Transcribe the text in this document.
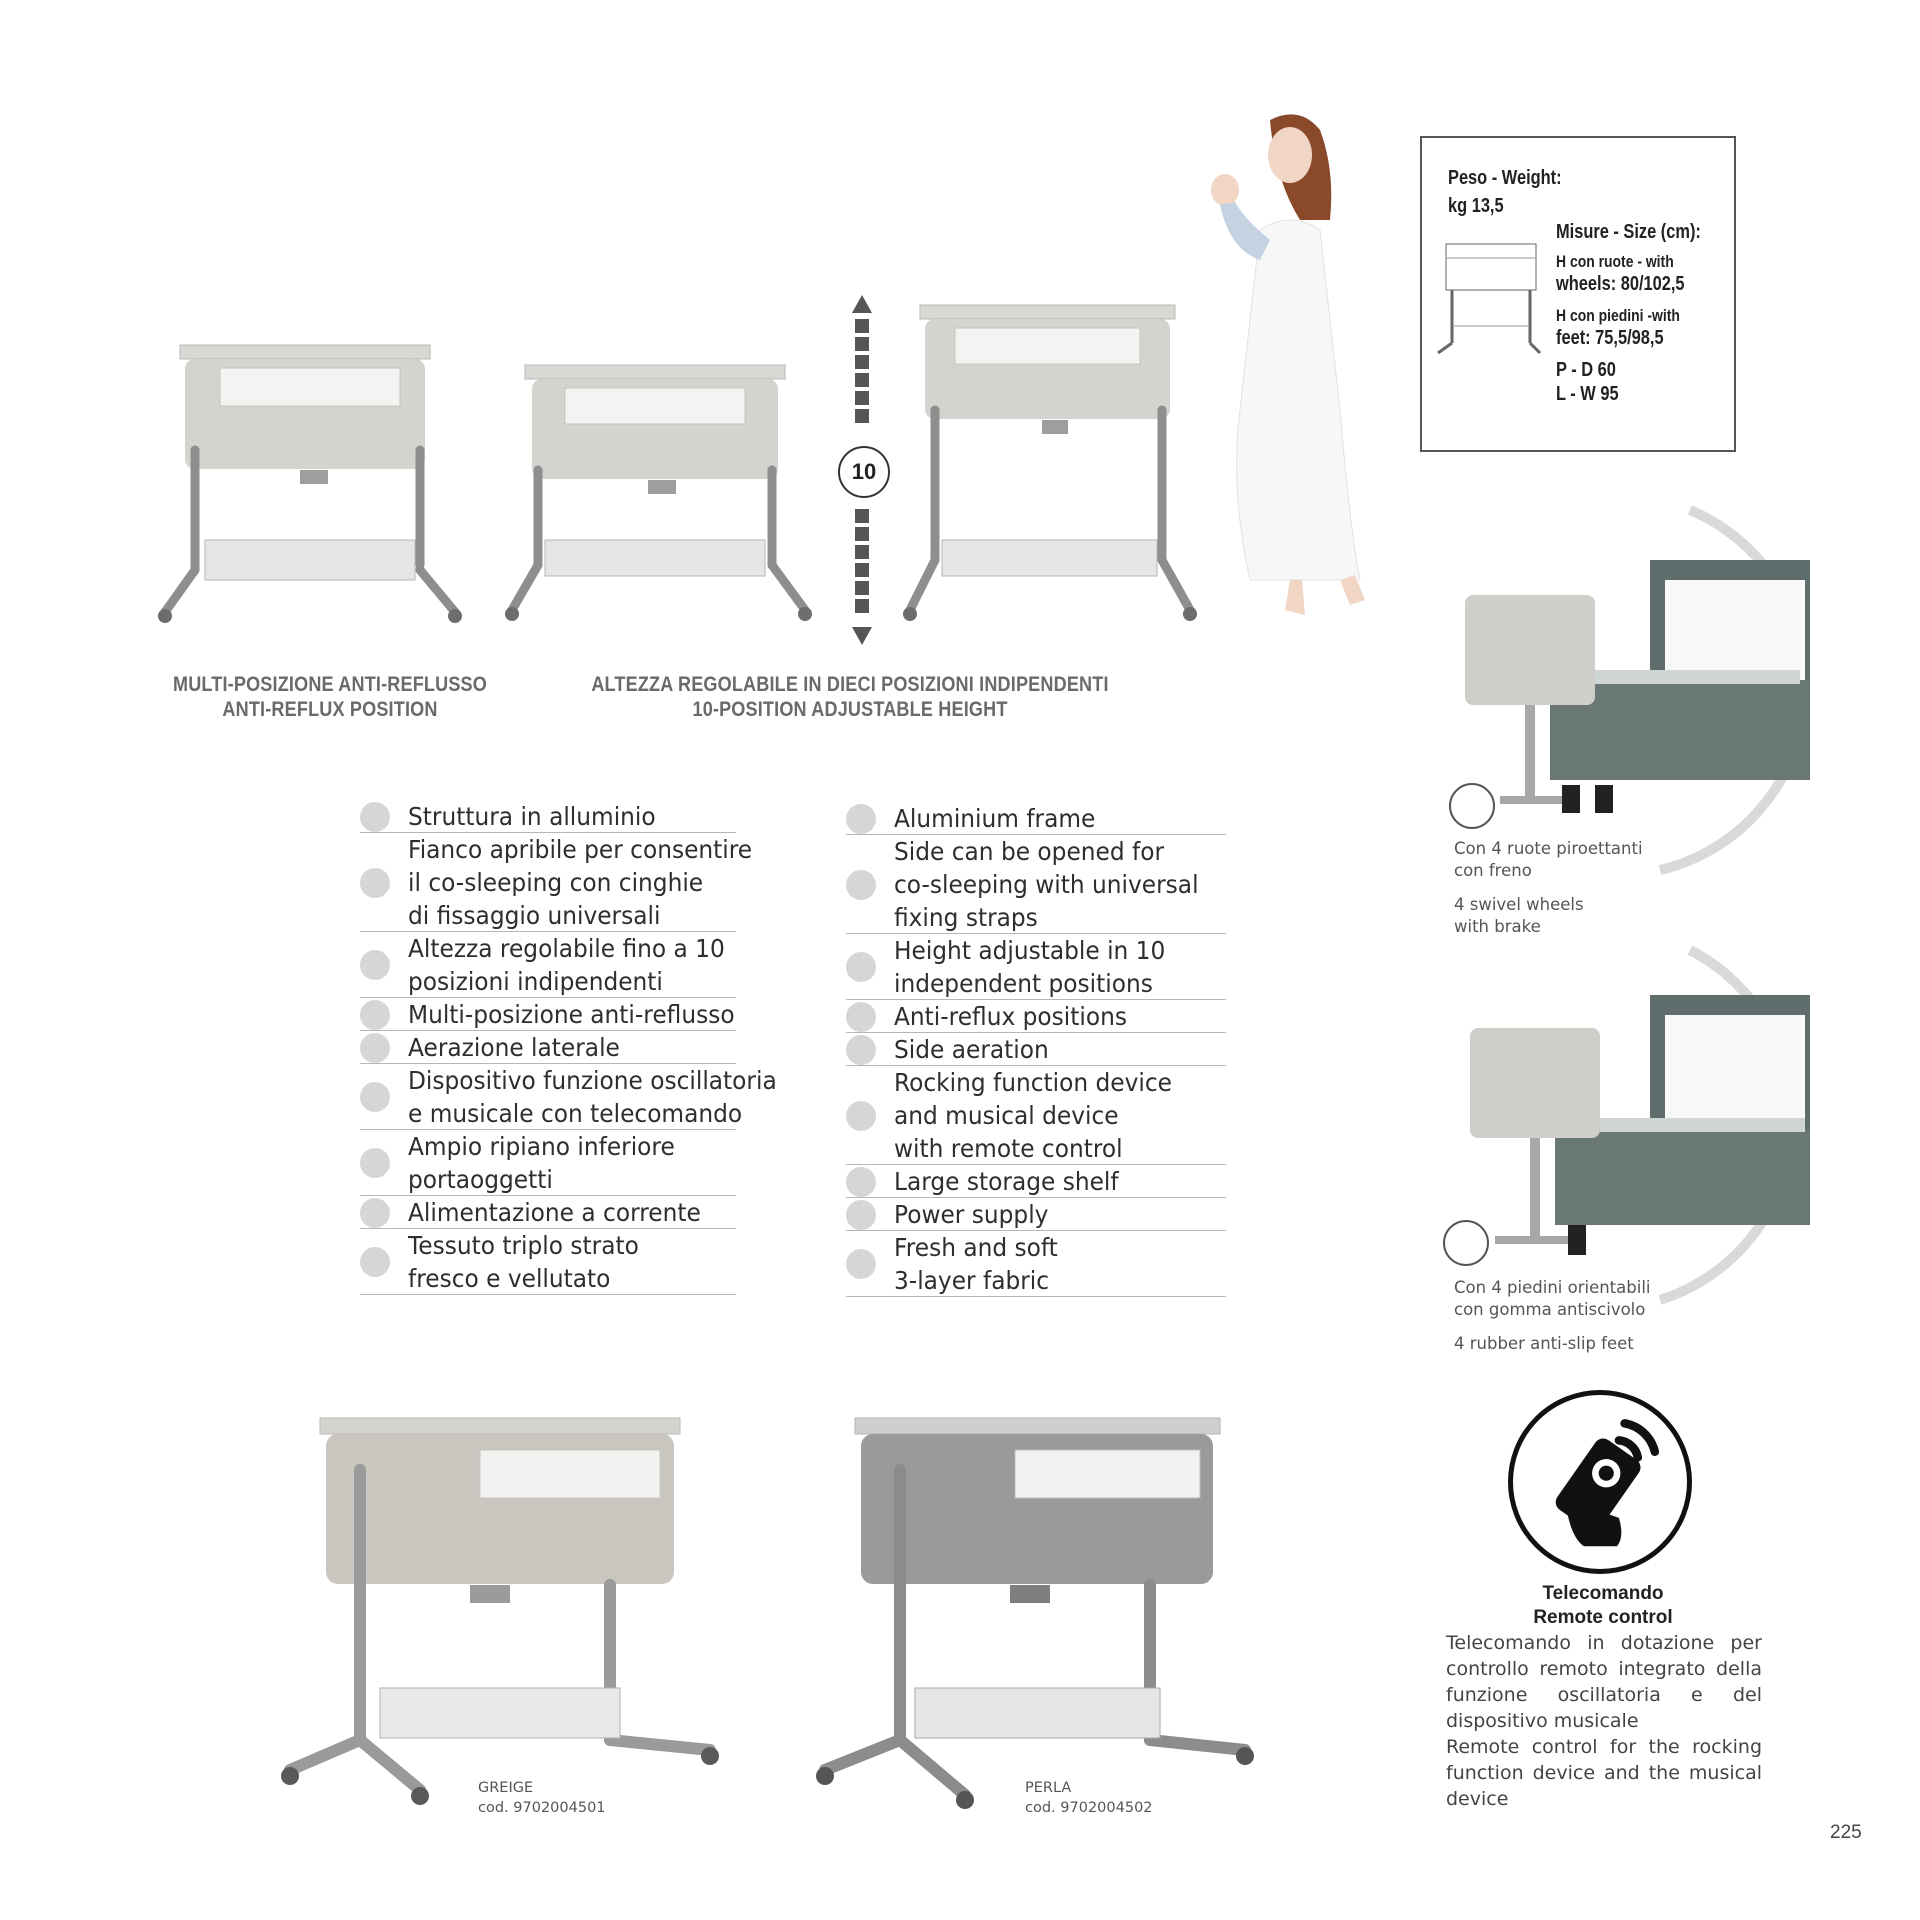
10
MULTI-POSIZIONE ANTI-REFLUSSO
ANTI-REFLUX POSITION
ALTEZZA REGOLABILE IN DIECI POSIZIONI INDIPENDENTI
10-POSITION ADJUSTABLE HEIGHT
Peso - Weight:
kg 13,5
Misure - Size (cm):
H con ruote - with
wheels: 80/102,5
H con piedini -with
feet: 75,5/98,5
P - D 60
L - W 95
Struttura in alluminio
Fianco apribile per consentire
il co-sleeping con cinghie
di fissaggio universali
Altezza regolabile fino a 10
posizioni indipendenti
Multi-posizione anti-reflusso
Aerazione laterale
Dispositivo funzione oscillatoria
e musicale con telecomando
Ampio ripiano inferiore
portaoggetti
Alimentazione a corrente
Tessuto triplo strato
fresco e vellutato
Aluminium frame
Side can be opened for
co-sleeping with universal
fixing straps
Height adjustable in 10
independent positions
Anti-reflux positions
Side aeration
Rocking function device
and musical device
with remote control
Large storage shelf
Power supply
Fresh and soft
3-layer fabric
Con 4 ruote piroettanti
con freno
4 swivel wheels
with brake
Con 4 piedini orientabili
con gomma antiscivolo
4 rubber anti-slip feet
Telecomando
Remote control
Telecomando in dotazione per controllo remoto integrato della funzione oscillatoria e del dispositivo musicale
Remote control for the rocking function device and the musical device
GREIGE
cod. 9702004501
PERLA
cod. 9702004502
225
